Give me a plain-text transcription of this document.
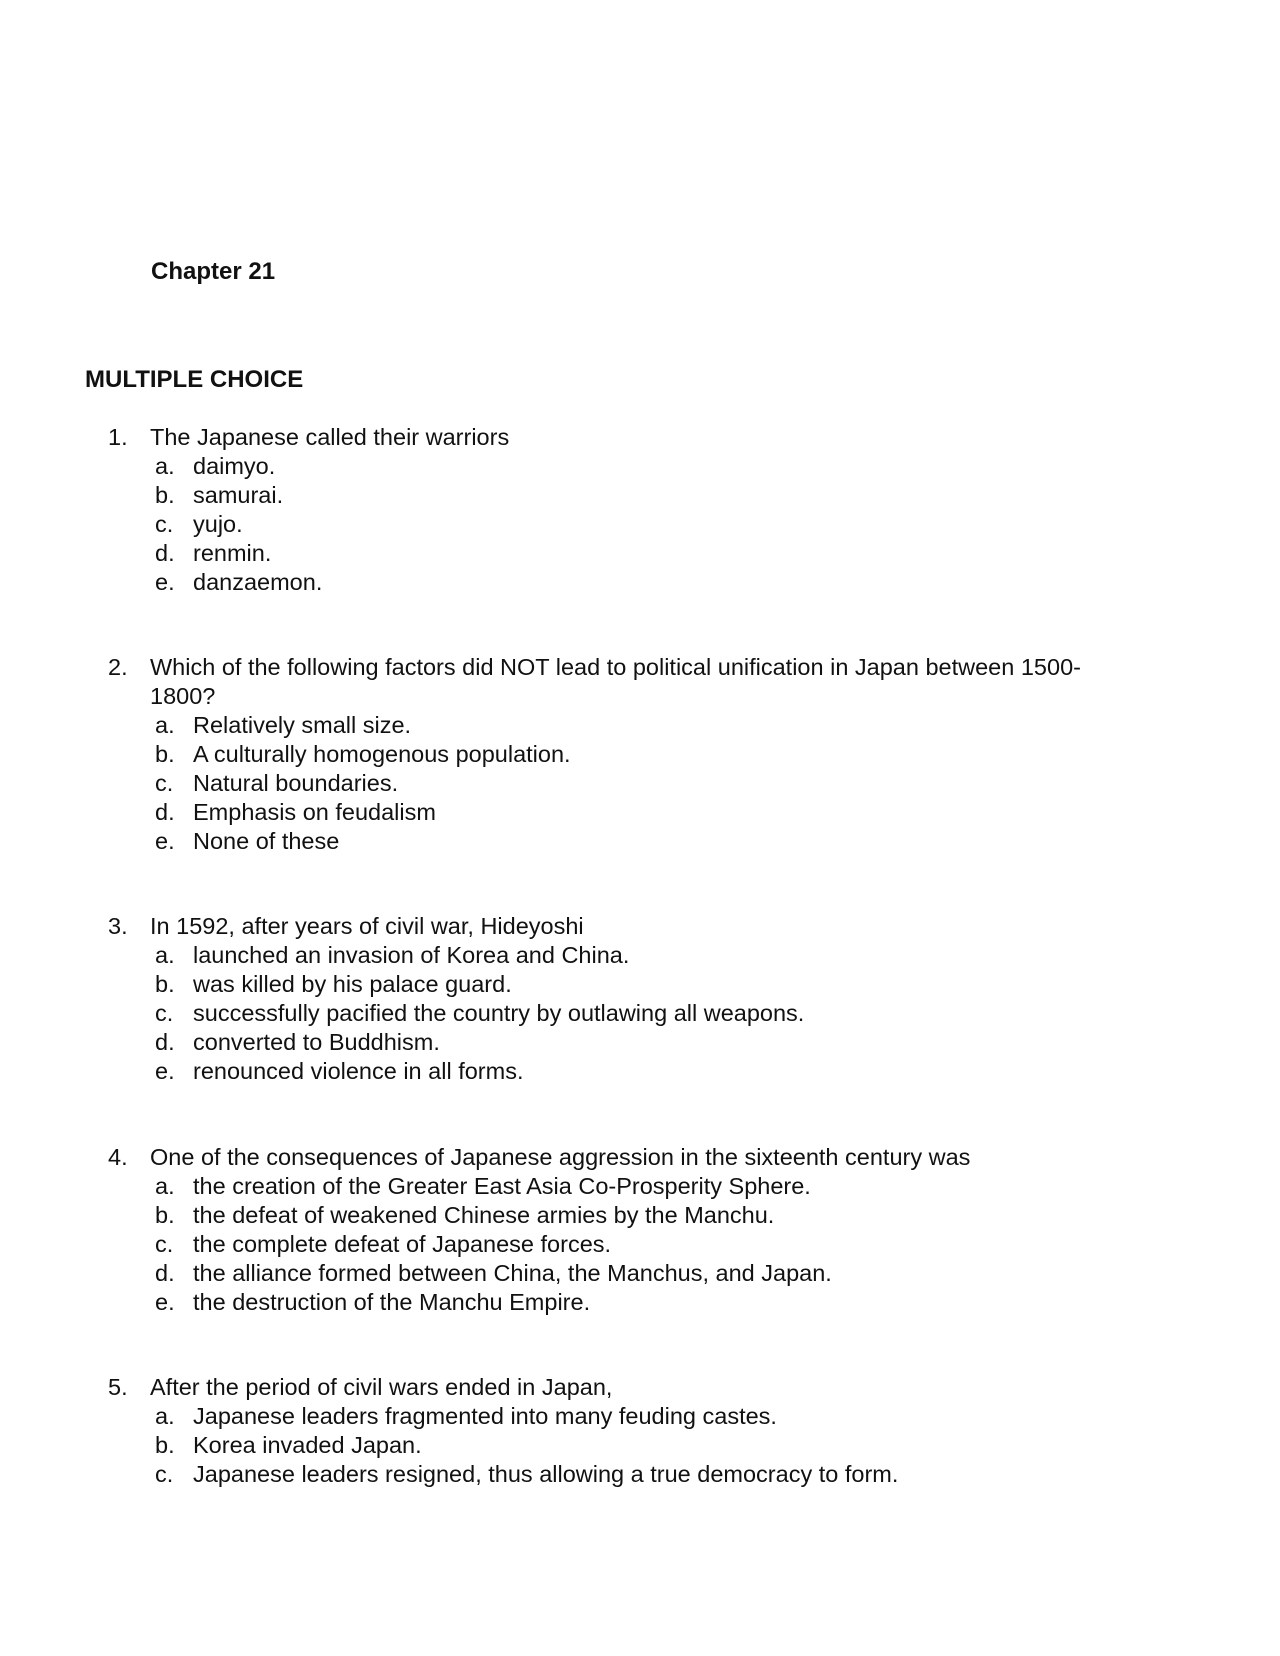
Chapter 21
MULTIPLE CHOICE
1. The Japanese called their warriors
a. daimyo.
b. samurai.
c. yujo.
d. renmin.
e. danzaemon.
2. Which of the following factors did NOT lead to political unification in Japan between 1500-1800?
a. Relatively small size.
b. A culturally homogenous population.
c. Natural boundaries.
d. Emphasis on feudalism
e. None of these
3. In 1592, after years of civil war, Hideyoshi
a. launched an invasion of Korea and China.
b. was killed by his palace guard.
c. successfully pacified the country by outlawing all weapons.
d. converted to Buddhism.
e. renounced violence in all forms.
4. One of the consequences of Japanese aggression in the sixteenth century was
a. the creation of the Greater East Asia Co-Prosperity Sphere.
b. the defeat of weakened Chinese armies by the Manchu.
c. the complete defeat of Japanese forces.
d. the alliance formed between China, the Manchus, and Japan.
e. the destruction of the Manchu Empire.
5. After the period of civil wars ended in Japan,
a. Japanese leaders fragmented into many feuding castes.
b. Korea invaded Japan.
c. Japanese leaders resigned, thus allowing a true democracy to form.
